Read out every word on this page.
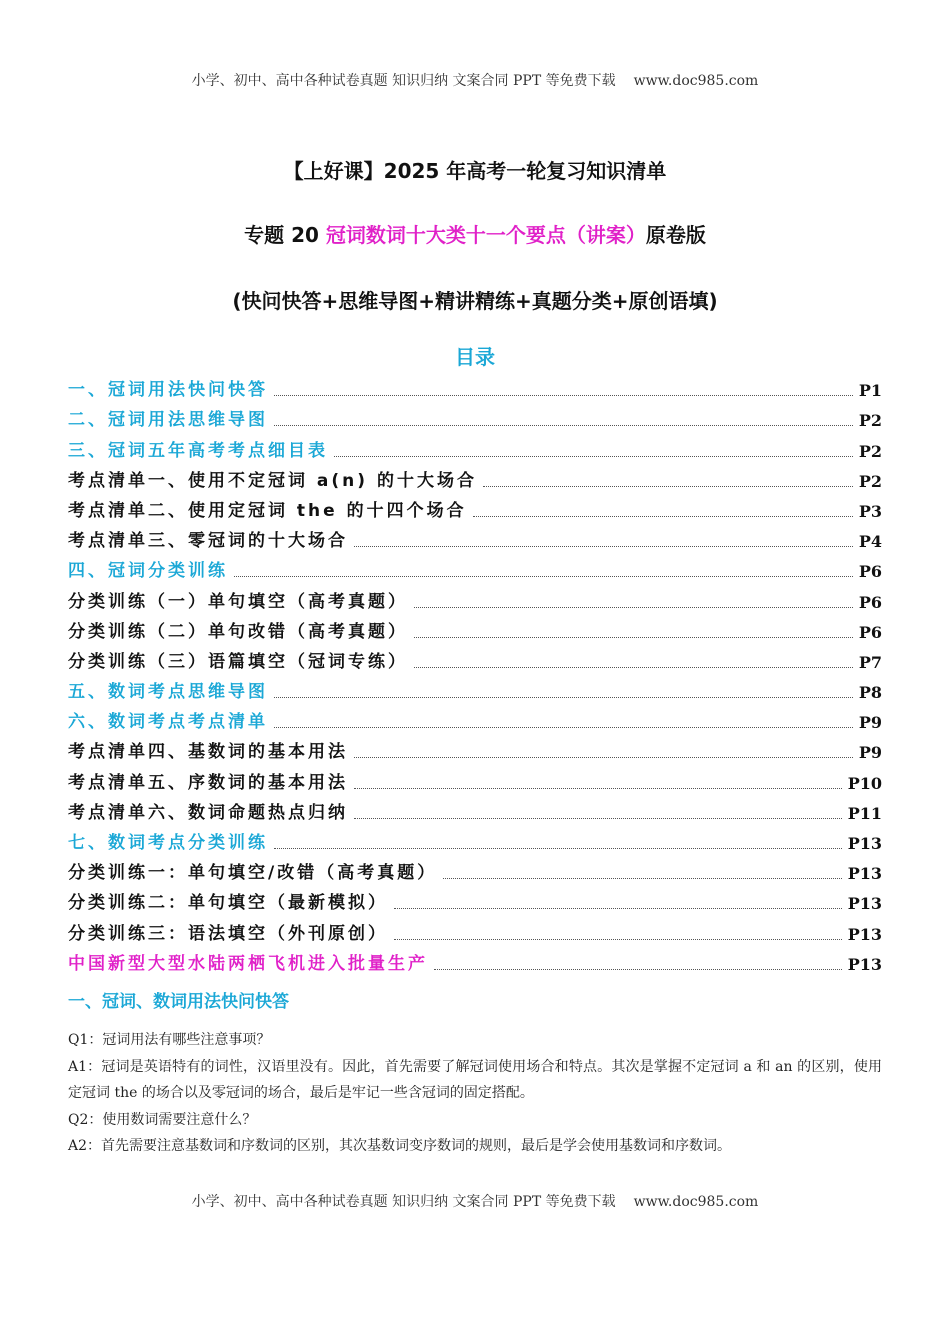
小学、初中、高中各种试卷真题 知识归纳 文案合同 PPT 等免费下载 www.doc985.com
【上好课】2025 年高考一轮复习知识清单
专题 20 冠词数词十大类十一个要点（讲案）原卷版
(快问快答+思维导图+精讲精练+真题分类+原创语填)
目录
一、冠词用法快问快答	P1
二、冠词用法思维导图	P2
三、冠词五年高考考点细目表	P2
考点清单一、使用不定冠词 a(n) 的十大场合	P2
考点清单二、使用定冠词 the 的十四个场合	P3
考点清单三、零冠词的十大场合	P4
四、冠词分类训练	P6
分类训练（一）单句填空（高考真题）	P6
分类训练（二）单句改错（高考真题）	P6
分类训练（三）语篇填空（冠词专练）	P7
五、数词考点思维导图	P8
六、数词考点考点清单	P9
考点清单四、基数词的基本用法	P9
考点清单五、序数词的基本用法	P10
考点清单六、数词命题热点归纳	P11
七、数词考点分类训练	P13
分类训练一：单句填空/改错（高考真题）	P13
分类训练二：单句填空（最新模拟）	P13
分类训练三：语法填空（外刊原创）	P13
中国新型大型水陆两栖飞机进入批量生产	P13
一、冠词、数词用法快问快答

Q1：冠词用法有哪些注意事项？

A1：冠词是英语特有的词性，汉语里没有。因此，首先需要了解冠词使用场合和特点。其次是掌握不定冠词 a 和 an 的区别，使用定冠词 the 的场合以及零冠词的场合，最后是牢记一些含冠词的固定搭配。

Q2：使用数词需要注意什么？

A2：首先需要注意基数词和序数词的区别，其次基数词变序数词的规则，最后是学会使用基数词和序数词。

小学、初中、高中各种试卷真题 知识归纳 文案合同 PPT 等免费下载 www.doc985.com
